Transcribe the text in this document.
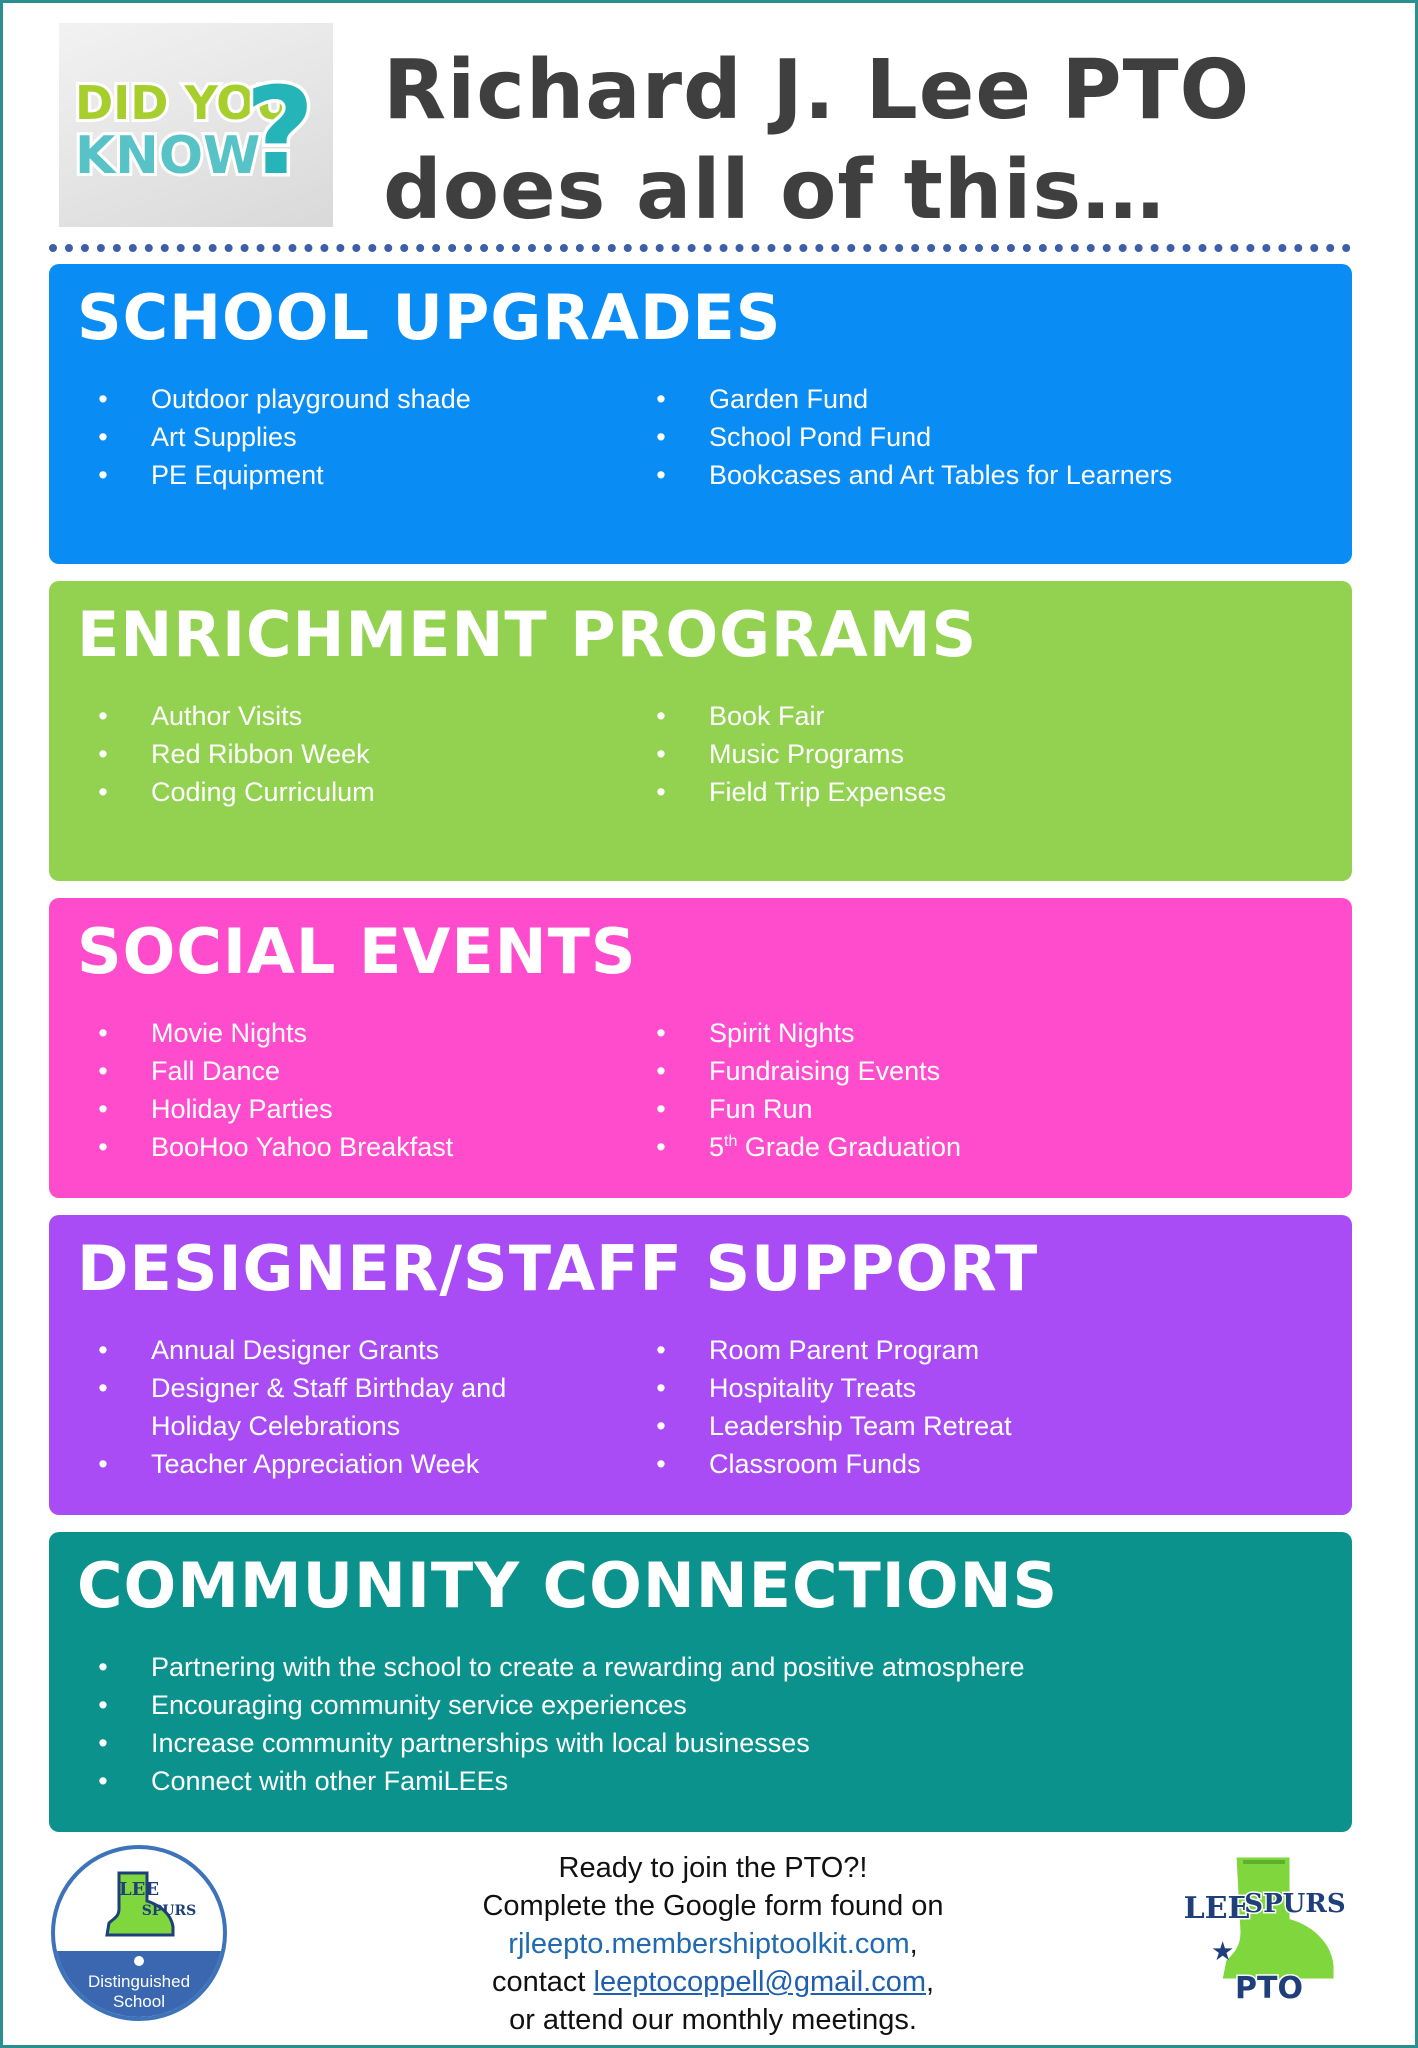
DID YOU
KNOW
? Richard J. Lee PTO
does all of this…
SCHOOL UPGRADES
• Outdoor playground shade
• Art Supplies
• PE Equipment
• Garden Fund
• School Pond Fund
• Bookcases and Art Tables for Learners
ENRICHMENT PROGRAMS
• Author Visits
• Red Ribbon Week
• Coding Curriculum
• Book Fair
• Music Programs
• Field Trip Expenses
SOCIAL EVENTS
• Movie Nights
• Fall Dance
• Holiday Parties
• BooHoo Yahoo Breakfast
• Spirit Nights
• Fundraising Events
• Fun Run
• 5th Grade Graduation
DESIGNER/STAFF SUPPORT
• Annual Designer Grants
• Designer & Staff Birthday and
Holiday Celebrations
• Teacher Appreciation Week
• Room Parent Program
• Hospitality Treats
• Leadership Team Retreat
• Classroom Funds
COMMUNITY CONNECTIONS
• Partnering with the school to create a rewarding and positive atmosphere
• Encouraging community service experiences
• Increase community partnerships with local businesses
• Connect with other FamiLEEs
LEE
SPURS
Distinguished
School
Ready to join the PTO?!
Complete the Google form found on
rjleepto.membershiptoolkit.com,
contact leeptocoppell@gmail.com,
or attend our monthly meetings.
LEE
SPURS
★
PTO
